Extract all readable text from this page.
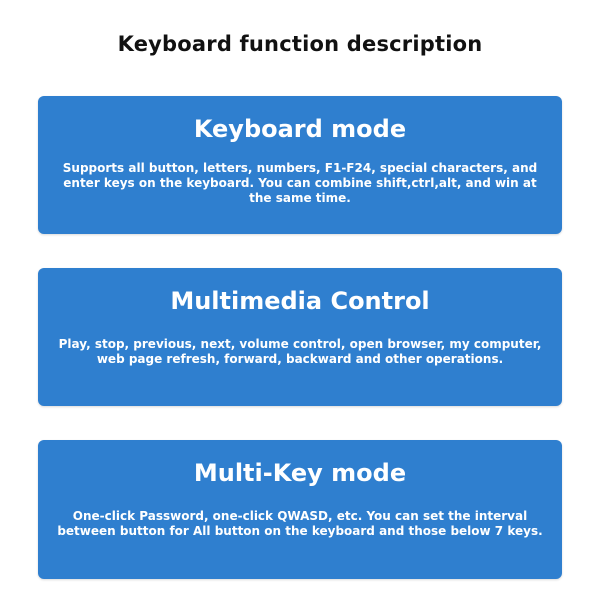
Keyboard function description
Keyboard mode
Supports all button, letters, numbers, F1-F24, special characters, and enter keys on the keyboard. You can combine shift,ctrl,alt, and win at the same time.
Multimedia Control
Play, stop, previous, next, volume control, open browser, my computer, web page refresh, forward, backward and other operations.
Multi-Key mode
One-click Password, one-click QWASD, etc. You can set the interval between button for All button on the keyboard and those below 7 keys.
